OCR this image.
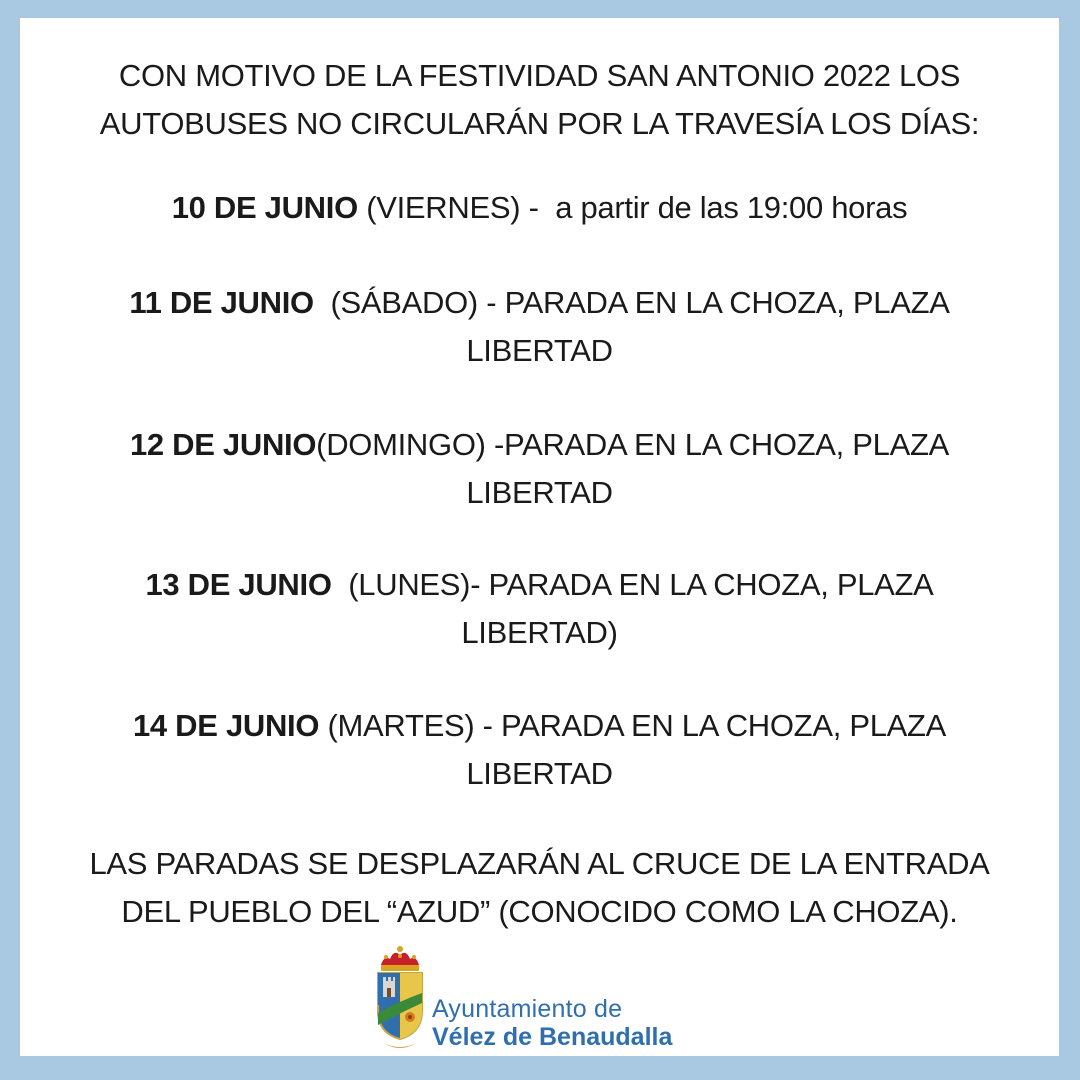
CON MOTIVO DE LA FESTIVIDAD SAN ANTONIO 2022 LOS
AUTOBUSES NO CIRCULARÁN POR LA TRAVESÍA LOS DÍAS:
10 DE JUNIO (VIERNES) -  a partir de las 19:00 horas
11 DE JUNIO  (SÁBADO) - PARADA EN LA CHOZA, PLAZA
LIBERTAD
12 DE JUNIO(DOMINGO) -PARADA EN LA CHOZA, PLAZA
LIBERTAD
13 DE JUNIO  (LUNES)- PARADA EN LA CHOZA, PLAZA
LIBERTAD)
14 DE JUNIO (MARTES) - PARADA EN LA CHOZA, PLAZA
LIBERTAD
LAS PARADAS SE DESPLAZARÁN AL CRUCE DE LA ENTRADA
DEL PUEBLO DEL “AZUD” (CONOCIDO COMO LA CHOZA).
Ayuntamiento de
Vélez de Benaudalla
